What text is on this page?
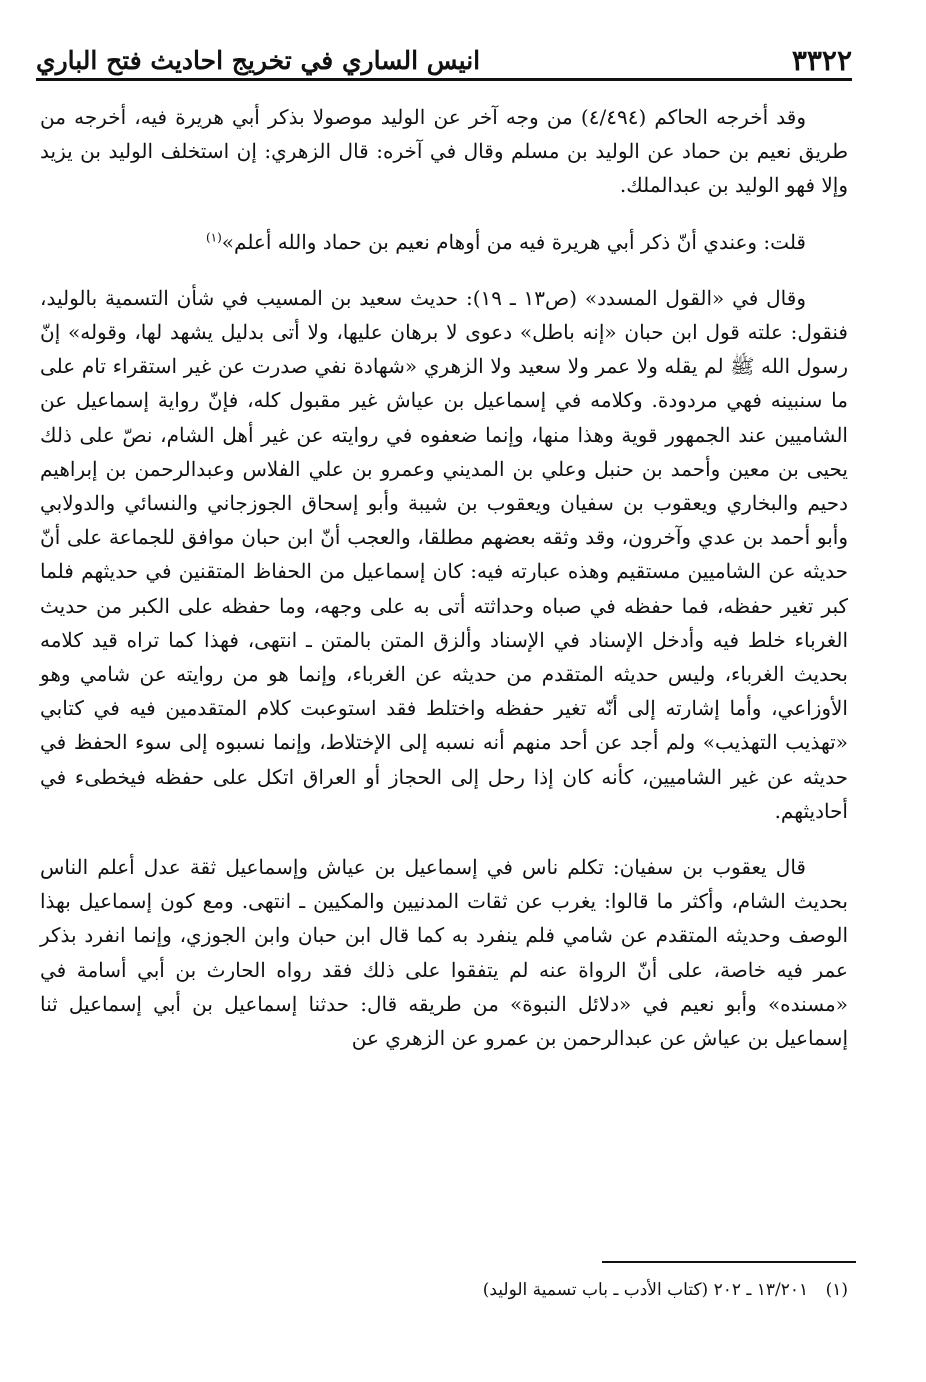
٣٣٢٢
انيس الساري في تخريج احاديث فتح الباري

وقد أخرجه الحاكم (٤/٤٩٤) من وجه آخر عن الوليد موصولا بذكر أبي هريرة فيه، أخرجه من طريق نعيم بن حماد عن الوليد بن مسلم وقال في آخره: قال الزهري: إن استخلف الوليد بن يزيد وإلا فهو الوليد بن عبدالملك.

قلت: وعندي أنّ ذكر أبي هريرة فيه من أوهام نعيم بن حماد والله أعلم»$^{(١)}$

وقال في «القول المسدد» (ص١٣ ـ ١٩): حديث سعيد بن المسيب في شأن التسمية بالوليد، فنقول: علته قول ابن حبان «إنه باطل» دعوى لا برهان عليها، ولا أتى بدليل يشهد لها، وقوله» إنّ رسول الله ﷺ لم يقله ولا عمر ولا سعيد ولا الزهري «شهادة نفي صدرت عن غير استقراء تام على ما سنبينه فهي مردودة. وكلامه في إسماعيل بن عياش غير مقبول كله، فإنّ رواية إسماعيل عن الشاميين عند الجمهور قوية وهذا منها، وإنما ضعفوه في روايته عن غير أهل الشام، نصّ على ذلك يحيى بن معين وأحمد بن حنبل وعلي بن المديني وعمرو بن علي الفلاس وعبدالرحمن بن إبراهيم دحيم والبخاري ويعقوب بن سفيان ويعقوب بن شيبة وأبو إسحاق الجوزجاني والنسائي والدولابي وأبو أحمد بن عدي وآخرون، وقد وثقه بعضهم مطلقا، والعجب أنّ ابن حبان موافق للجماعة على أنّ حديثه عن الشاميين مستقيم وهذه عبارته فيه: كان إسماعيل من الحفاظ المتقنين في حديثهم فلما كبر تغير حفظه، فما حفظه في صباه وحداثته أتى به على وجهه، وما حفظه على الكبر من حديث الغرباء خلط فيه وأدخل الإسناد في الإسناد وألزق المتن بالمتن ـ انتهى، فهذا كما تراه قيد كلامه بحديث الغرباء، وليس حديثه المتقدم من حديثه عن الغرباء، وإنما هو من روايته عن شامي وهو الأوزاعي، وأما إشارته إلى أنّه تغير حفظه واختلط فقد استوعبت كلام المتقدمين فيه في كتابي «تهذيب التهذيب» ولم أجد عن أحد منهم أنه نسبه إلى الإختلاط، وإنما نسبوه إلى سوء الحفظ في حديثه عن غير الشاميين، كأنه كان إذا رحل إلى الحجاز أو العراق اتكل على حفظه فيخطىء في أحاديثهم.

قال يعقوب بن سفيان: تكلم ناس في إسماعيل بن عياش وإسماعيل ثقة عدل أعلم الناس بحديث الشام، وأكثر ما قالوا: يغرب عن ثقات المدنيين والمكيين ـ انتهى. ومع كون إسماعيل بهذا الوصف وحديثه المتقدم عن شامي فلم ينفرد به كما قال ابن حبان وابن الجوزي، وإنما انفرد بذكر عمر فيه خاصة، على أنّ الرواة عنه لم يتفقوا على ذلك فقد رواه الحارث بن أبي أسامة في «مسنده» وأبو نعيم في «دلائل النبوة» من طريقه قال: حدثنا إسماعيل بن أبي إسماعيل ثنا إسماعيل بن عياش عن عبدالرحمن بن عمرو عن الزهري عن

(١) ١٣/٢٠١ ـ ٢٠٢ (كتاب الأدب ـ باب تسمية الوليد)
